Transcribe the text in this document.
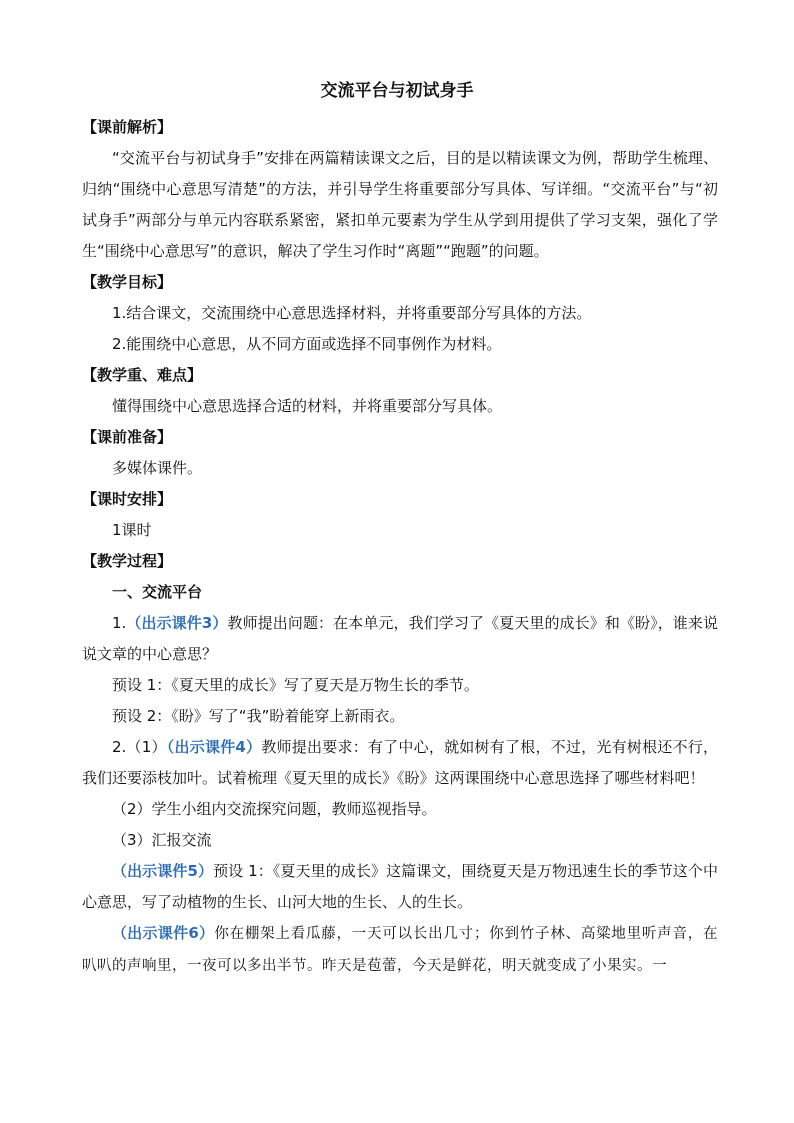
交流平台与初试身手

【课前解析】

“交流平台与初试身手”安排在两篇精读课文之后，目的是以精读课文为例，帮助学生梳理、归纳“围绕中心意思写清楚”的方法，并引导学生将重要部分写具体、写详细。“交流平台”与“初试身手”两部分与单元内容联系紧密，紧扣单元要素为学生从学到用提供了学习支架，强化了学生“围绕中心意思写”的意识，解决了学生习作时“离题”“跑题”的问题。

【教学目标】

1.结合课文，交流围绕中心意思选择材料，并将重要部分写具体的方法。

2.能围绕中心意思，从不同方面或选择不同事例作为材料。

【教学重、难点】

懂得围绕中心意思选择合适的材料，并将重要部分写具体。

【课前准备】

多媒体课件。

【课时安排】

1课时

【教学过程】

一、交流平台

1.（出示课件3）教师提出问题：在本单元，我们学习了《夏天里的成长》和《盼》，谁来说说文章的中心意思？

预设 1：《夏天里的成长》写了夏天是万物生长的季节。

预设 2：《盼》写了“我”盼着能穿上新雨衣。

2.（1）（出示课件4）教师提出要求：有了中心，就如树有了根，不过，光有树根还不行，我们还要添枝加叶。试着梳理《夏天里的成长》《盼》这两课围绕中心意思选择了哪些材料吧！

（2）学生小组内交流探究问题，教师巡视指导。

（3）汇报交流

（出示课件5）预设 1：《夏天里的成长》这篇课文，围绕夏天是万物迅速生长的季节这个中心意思，写了动植物的生长、山河大地的生长、人的生长。

（出示课件6）你在棚架上看瓜藤，一天可以长出几寸；你到竹子林、高粱地里听声音，在叭叭的声响里，一夜可以多出半节。昨天是苞蕾，今天是鲜花，明天就变成了小果实。一
